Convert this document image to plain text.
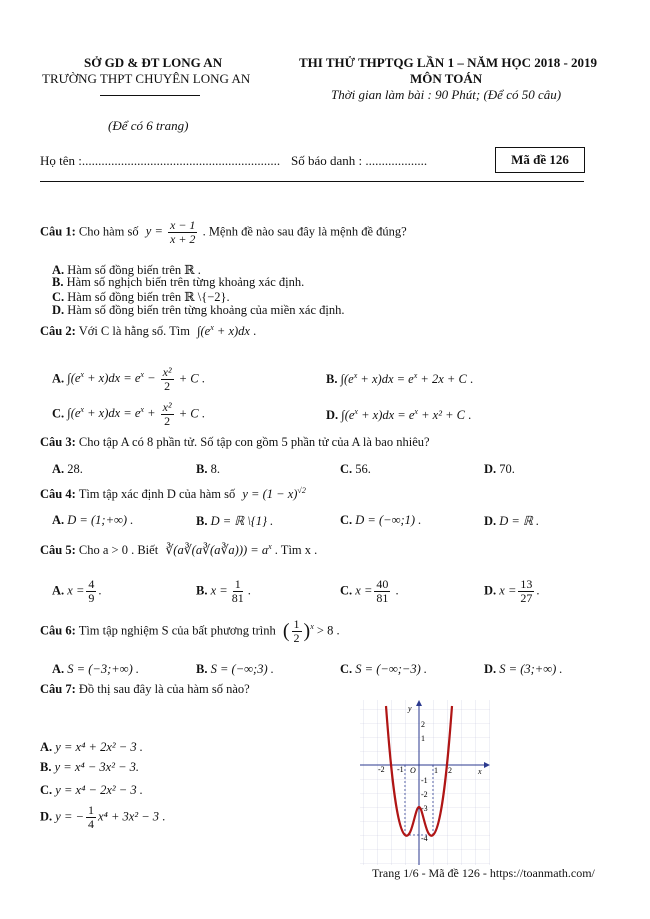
SỞ GD & ĐT LONG AN
TRƯỜNG THPT CHUYÊN LONG AN
(Để có 6 trang)
THI THỬ THPTQG LẦN 1 – NĂM HỌC 2018 - 2019
MÔN TOÁN
Thời gian làm bài : 90 Phút; (Để có 50 câu)
Họ tên :............................................................. Số báo danh : ...................	Mã đề 126
Câu 1: Cho hàm số $y = \frac{x - 1}{x + 2}$ . Mệnh đề nào sau đây là mệnh đề đúng?
A. Hàm số đồng biến trên ℝ .
B. Hàm số nghịch biến trên từng khoảng xác định.
C. Hàm số đồng biến trên ℝ \{−2}.
D. Hàm số đồng biến trên từng khoảng của miền xác định.
Câu 2: Với C là hằng số. Tìm $\int(e^x + x)dx$ .
A. $\int(e^x + x)dx = e^x - \frac{\text{x²}}{2} + C$ .	B. $\int(e^x + x)dx = e^x + 2x + C$ .
C. $\int(e^x + x)dx = e^x + \frac{\text{x²}}{2} + C$ .	D. $\int(e^x + x)dx = e^x + x^2 + C$ .
Câu 3: Cho tập A có 8 phần tử. Số tập con gồm 5 phần tử của A là bao nhiêu?
A. 28.	B. 8.	C. 56.	D. 70.
Câu 4: Tìm tập xác định D của hàm số $y = (1 - x)^{√2}$
A. D = (1;+∞) .	B. D = ℝ \{1} .	C. D = (−∞;1) .	D. D = ℝ .
Câu 5: Cho a > 0 . Biết ∛(a∛(a∛(a∛a))) = $a^x$ . Tìm x .
A. $x = \frac{4}{9}$ .	B. $x = \frac{1}{81}$ .	C. $x = \frac{40}{81}$ .	D. $x = \frac{13}{27}$ .
Câu 6: Tìm tập nghiệm S của bất phương trình ( $\frac{1}{2} )^x > 8$ .
A. S = (−3;+∞) .	B. S = (−∞;3) .	C. S = (−∞;−3) .	D. S = (3;+∞) .
Câu 7: Đồ thị sau đây là của hàm số nào?
A. y = x⁴ + 2x² − 3 .
B. y = x⁴ − 3x² − 3.
C. y = x⁴ − 2x² − 3 .
D. y = − $\frac{1}{4} x^4 + 3x^2 - 3$ .
-2 -1 O 1 2	x
y
2
1
-1
-2
-3
-4
Trang 1/6 - Mã đề 126 - https://toanmath.com/
